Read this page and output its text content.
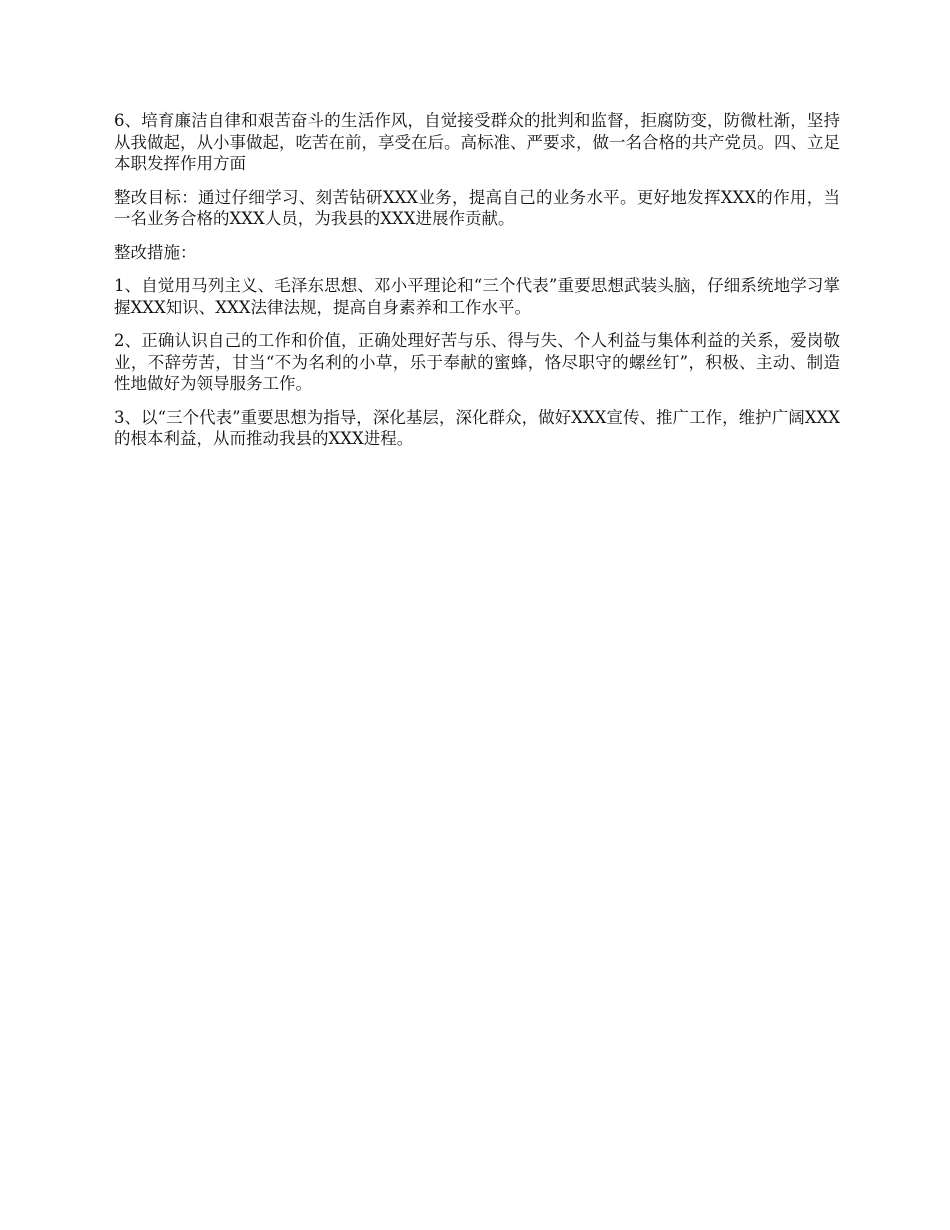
6、培育廉洁自律和艰苦奋斗的生活作风，自觉接受群众的批判和监督，拒腐防变，防微杜渐，坚持从我做起，从小事做起，吃苦在前，享受在后。高标准、严要求，做一名合格的共产党员。四、立足本职发挥作用方面

整改目标：通过仔细学习、刻苦钻研XXX业务，提高自己的业务水平。更好地发挥XXX的作用，当一名业务合格的XXX人员，为我县的XXX进展作贡献。

整改措施：

1、自觉用马列主义、毛泽东思想、邓小平理论和“三个代表”重要思想武装头脑，仔细系统地学习掌握XXX知识、XXX法律法规，提高自身素养和工作水平。

2、正确认识自己的工作和价值，正确处理好苦与乐、得与失、个人利益与集体利益的关系，爱岗敬业，不辞劳苦，甘当“不为名利的小草，乐于奉献的蜜蜂，恪尽职守的螺丝钉”，积极、主动、制造性地做好为领导服务工作。

3、以“三个代表”重要思想为指导，深化基层，深化群众，做好XXX宣传、推广工作，维护广阔XXX的根本利益，从而推动我县的XXX进程。
